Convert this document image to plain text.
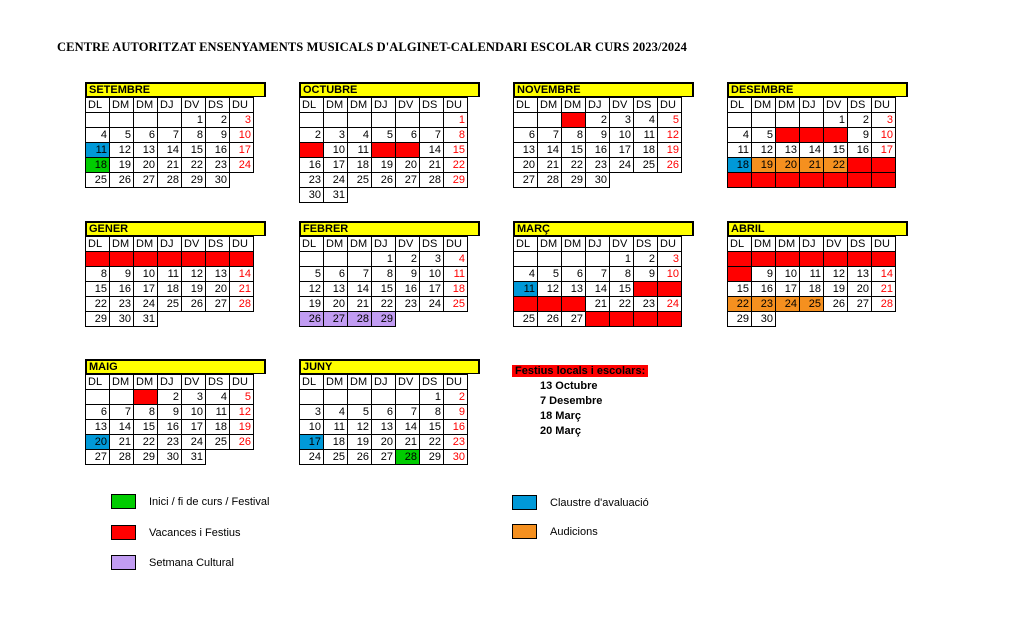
CENTRE AUTORITZAT ENSENYAMENTS MUSICALS D'ALGINET-CALENDARI ESCOLAR CURS 2023/2024
SETEMBRE
DL	DM	DM	DJ	DV	DS	DU
				1	2	3
4	5	6	7	8	9	10
11	12	13	14	15	16	17
18	19	20	21	22	23	24
25	26	27	28	29	30	
OCTUBRE
DL	DM	DM	DJ	DV	DS	DU
						1
2	3	4	5	6	7	8
9	10	11	12	13	14	15
16	17	18	19	20	21	22
23	24	25	26	27	28	29
30	31					
NOVEMBRE
DL	DM	DM	DJ	DV	DS	DU
		1	2	3	4	5
6	7	8	9	10	11	12
13	14	15	16	17	18	19
20	21	22	23	24	25	26
27	28	29	30			
DESEMBRE
DL	DM	DM	DJ	DV	DS	DU
				1	2	3
4	5	6	7	8	9	10
11	12	13	14	15	16	17
18	19	20	21	22	23	24
25	26	27	28	29	30	31
GENER
DL	DM	DM	DJ	DV	DS	DU
1	2	3	4	5	6	7
8	9	10	11	12	13	14
15	16	17	18	19	20	21
22	23	24	25	26	27	28
29	30	31				
FEBRER
DL	DM	DM	DJ	DV	DS	DU
			1	2	3	4
5	6	7	8	9	10	11
12	13	14	15	16	17	18
19	20	21	22	23	24	25
26	27	28	29			
MARÇ
DL	DM	DM	DJ	DV	DS	DU
				1	2	3
4	5	6	7	8	9	10
11	12	13	14	15	16	17
18	19	20	21	22	23	24
25	26	27	28	29	30	31
ABRIL
DL	DM	DM	DJ	DV	DS	DU
1	2	3	4	5	6	7
8	9	10	11	12	13	14
15	16	17	18	19	20	21
22	23	24	25	26	27	28
29	30					
MAIG
DL	DM	DM	DJ	DV	DS	DU
		1	2	3	4	5
6	7	8	9	10	11	12
13	14	15	16	17	18	19
20	21	22	23	24	25	26
27	28	29	30	31		
JUNY
DL	DM	DM	DJ	DV	DS	DU
					1	2
3	4	5	6	7	8	9
10	11	12	13	14	15	16
17	18	19	20	21	22	23
24	25	26	27	28	29	30
Festius locals i escolars:
13 Octubre
7 Desembre
18 Març
20 Març
Inici / fi de curs / Festival
Vacances i Festius
Setmana Cultural
Claustre d'avaluació
Audicions
